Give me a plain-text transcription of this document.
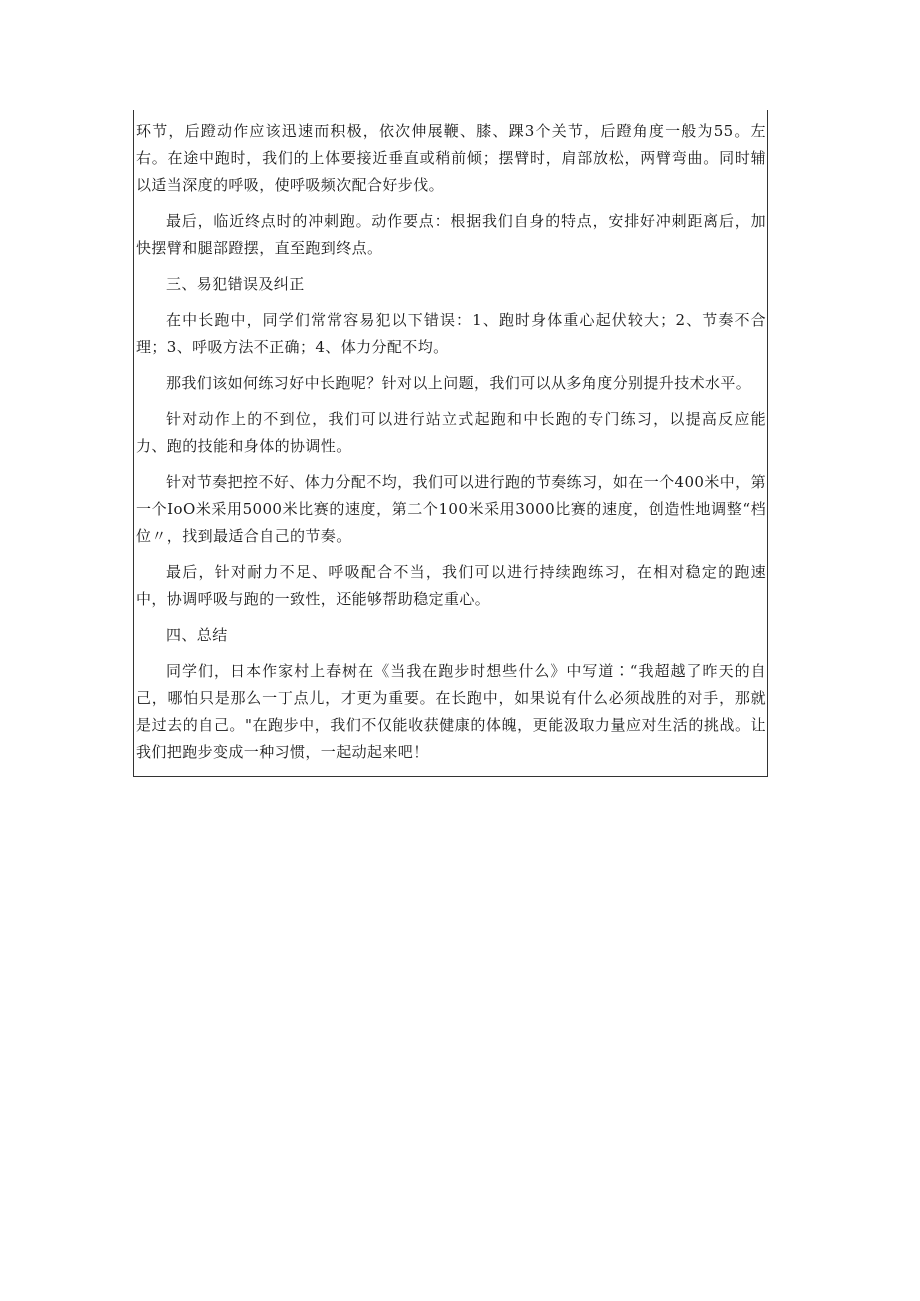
环节，后蹬动作应该迅速而积极，依次伸展鞭、膝、踝3个关节，后蹬角度一般为55。左右。在途中跑时，我们的上体要接近垂直或稍前倾；摆臂时，肩部放松，两臂弯曲。同时辅以适当深度的呼吸，使呼吸频次配合好步伐。

最后，临近终点时的冲刺跑。动作要点：根据我们自身的特点，安排好冲刺距离后，加快摆臂和腿部蹬摆，直至跑到终点。

三、易犯错误及纠正

在中长跑中，同学们常常容易犯以下错误：1、跑时身体重心起伏较大；2、节奏不合理；3、呼吸方法不正确；4、体力分配不均。

那我们该如何练习好中长跑呢？针对以上问题，我们可以从多角度分别提升技术水平。

针对动作上的不到位，我们可以进行站立式起跑和中长跑的专门练习，以提高反应能力、跑的技能和身体的协调性。

针对节奏把控不好、体力分配不均，我们可以进行跑的节奏练习，如在一个400米中，第一个IoO米采用5000米比赛的速度，第二个100米采用3000比赛的速度，创造性地调整“档位〃，找到最适合自己的节奏。

最后，针对耐力不足、呼吸配合不当，我们可以进行持续跑练习，在相对稳定的跑速中，协调呼吸与跑的一致性，还能够帮助稳定重心。

四、总结

同学们，日本作家村上春树在《当我在跑步时想些什么》中写道∶“我超越了昨天的自己，哪怕只是那么一丁点儿，才更为重要。在长跑中，如果说有什么必须战胜的对手，那就是过去的自己。"在跑步中，我们不仅能收获健康的体魄，更能汲取力量应对生活的挑战。让我们把跑步变成一种习惯，一起动起来吧！
